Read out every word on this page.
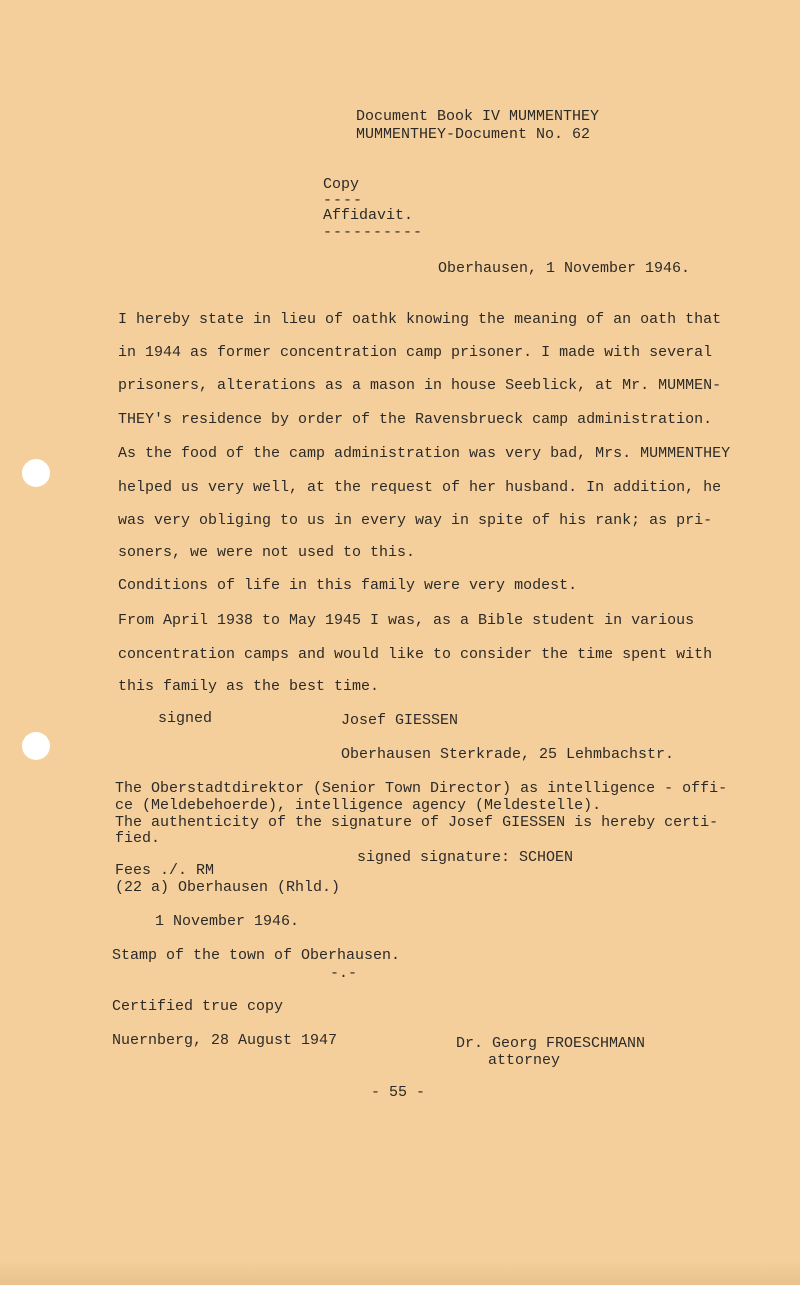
Document Book IV MUMMENTHEY
MUMMENTHEY-Document No. 62
Copy
----
Affidavit.
----------
Oberhausen, 1 November 1946.
I hereby state in lieu of oathk knowing the meaning of an oath that
in 1944 as former concentration camp prisoner. I made with several
prisoners, alterations as a mason in house Seeblick, at Mr. MUMMEN-
THEY's residence by order of the Ravensbrueck camp administration.
As the food of the camp administration was very bad, Mrs. MUMMENTHEY
helped us very well, at the request of her husband. In addition, he
was very obliging to us in every way in spite of his rank; as pri-
soners, we were not used to this.
Conditions of life in this family were very modest.
From April 1938 to May 1945 I was, as a Bible student in various
concentration camps and would like to consider the time spent with
this family as the best time.
signed	Josef GIESSEN
Oberhausen Sterkrade, 25 Lehmbachstr.
The Oberstadtdirektor (Senior Town Director) as intelligence - offi-
ce (Meldebehoerde), intelligence agency (Meldestelle).
The authenticity of the signature of Josef GIESSEN is hereby certi-
fied.
signed signature: SCHOEN
Fees ./. RM
(22 a) Oberhausen (Rhld.)
1 November 1946.
Stamp of the town of Oberhausen.
-.-
Certified true copy
Nuernberg, 28 August 1947	Dr. Georg FROESCHMANN
attorney
- 55 -
